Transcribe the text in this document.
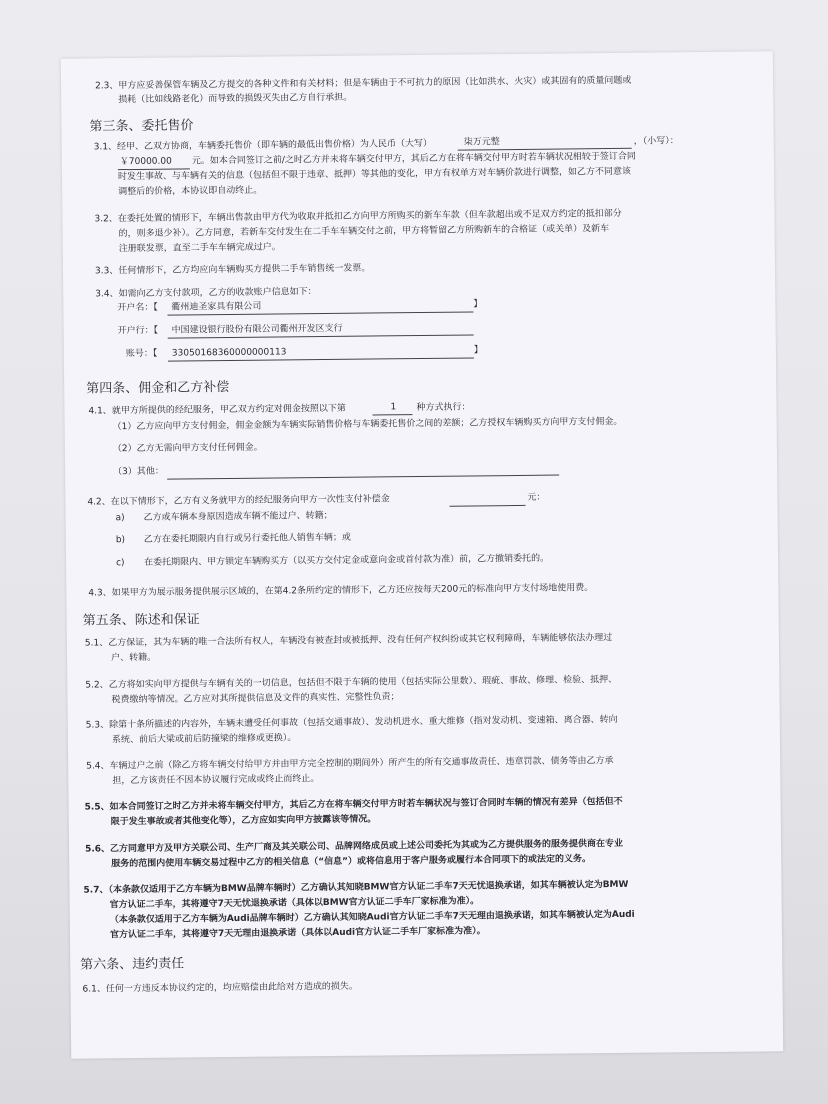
2.3、甲方应妥善保管车辆及乙方提交的各种文件和有关材料；但是车辆由于不可抗力的原因（比如洪水、火灾）或其固有的质量问题或
损耗（比如线路老化）而导致的损毁灭失由乙方自行承担。
第三条、委托售价
3.1、经甲、乙双方协商，车辆委托售价（即车辆的最低出售价格）为人民币（大写）	柒万元整	，（小写）：
￥70000.00 元。如本合同签订之前/之时乙方并未将车辆交付甲方，其后乙方在将车辆交付甲方时若车辆状况相较于签订合同
时发生事故、与车辆有关的信息（包括但不限于违章、抵押）等其他的变化，甲方有权单方对车辆价款进行调整，如乙方不同意该
调整后的价格，本协议即自动终止。
3.2、在委托处置的情形下，车辆出售款由甲方代为收取并抵扣乙方向甲方所购买的新车车款（但车款超出或不足双方约定的抵扣部分
的，则多退少补）。乙方同意，若新车交付发生在二手车车辆交付之前，甲方将暂留乙方所购新车的合格证（或关单）及新车
注册联发票，直至二手车车辆完成过户。
3.3、任何情形下，乙方均应向车辆购买方提供二手车销售统一发票。
3.4、如需向乙方支付款项，乙方的收款账户信息如下：
开户名：【 衢州迪圣家具有限公司	】
开户行：【 中国建设银行股份有限公司衢州开发区支行
账号：【 33050168360000000113	】
第四条、佣金和乙方补偿
4.1、就甲方所提供的经纪服务，甲乙双方约定对佣金按照以下第	1 种方式执行：
（1）乙方应向甲方支付佣金，佣金金额为车辆实际销售价格与车辆委托售价之间的差额；乙方授权车辆购买方向甲方支付佣金。
（2）乙方无需向甲方支付任何佣金。
（3）其他：
4.2、在以下情形下，乙方有义务就甲方的经纪服务向甲方一次性支付补偿金	元：
a) 乙方或车辆本身原因造成车辆不能过户、转籍；
b) 乙方在委托期限内自行或另行委托他人销售车辆；或
c) 在委托期限内、甲方锁定车辆购买方（以买方交付定金或意向金或首付款为准）前，乙方撤销委托的。
4.3、如果甲方为展示服务提供展示区域的，在第4.2条所约定的情形下，乙方还应按每天200元的标准向甲方支付场地使用费。
第五条、陈述和保证
5.1、乙方保证，其为车辆的唯一合法所有权人，车辆没有被查封或被抵押、没有任何产权纠纷或其它权利障碍，车辆能够依法办理过
户、转籍。
5.2、乙方将如实向甲方提供与车辆有关的一切信息，包括但不限于车辆的使用（包括实际公里数）、瑕疵、事故、修理、检验、抵押、
税费缴纳等情况。乙方应对其所提供信息及文件的真实性、完整性负责；
5.3、除第十条所描述的内容外，车辆未遭受任何事故（包括交通事故）、发动机进水、重大维修（指对发动机、变速箱、离合器、转向
系统、前后大梁或前后防撞梁的维修或更换）。
5.4、车辆过户之前（除乙方将车辆交付给甲方并由甲方完全控制的期间外）所产生的所有交通事故责任、违章罚款、债务等由乙方承
担，乙方该责任不因本协议履行完成或终止而终止。
5.5、如本合同签订之时乙方并未将车辆交付甲方，其后乙方在将车辆交付甲方时若车辆状况与签订合同时车辆的情况有差异（包括但不
限于发生事故或者其他变化等），乙方应如实向甲方披露该等情况。
5.6、乙方同意甲方及甲方关联公司、生产厂商及其关联公司、品牌网络成员或上述公司委托为其或为乙方提供服务的服务提供商在专业
服务的范围内使用车辆交易过程中乙方的相关信息（“信息”）或将信息用于客户服务或履行本合同项下的或法定的义务。
5.7、（本条款仅适用于乙方车辆为BMW品牌车辆时）乙方确认其知晓BMW官方认证二手车7天无忧退换承诺，如其车辆被认定为BMW
官方认证二手车，其将遵守7天无忧退换承诺（具体以BMW官方认证二手车厂家标准为准）。
（本条款仅适用于乙方车辆为Audi品牌车辆时）乙方确认其知晓Audi官方认证二手车7天无理由退换承诺，如其车辆被认定为Audi
官方认证二手车，其将遵守7天无理由退换承诺（具体以Audi官方认证二手车厂家标准为准）。
第六条、违约责任
6.1、任何一方违反本协议约定的，均应赔偿由此给对方造成的损失。
